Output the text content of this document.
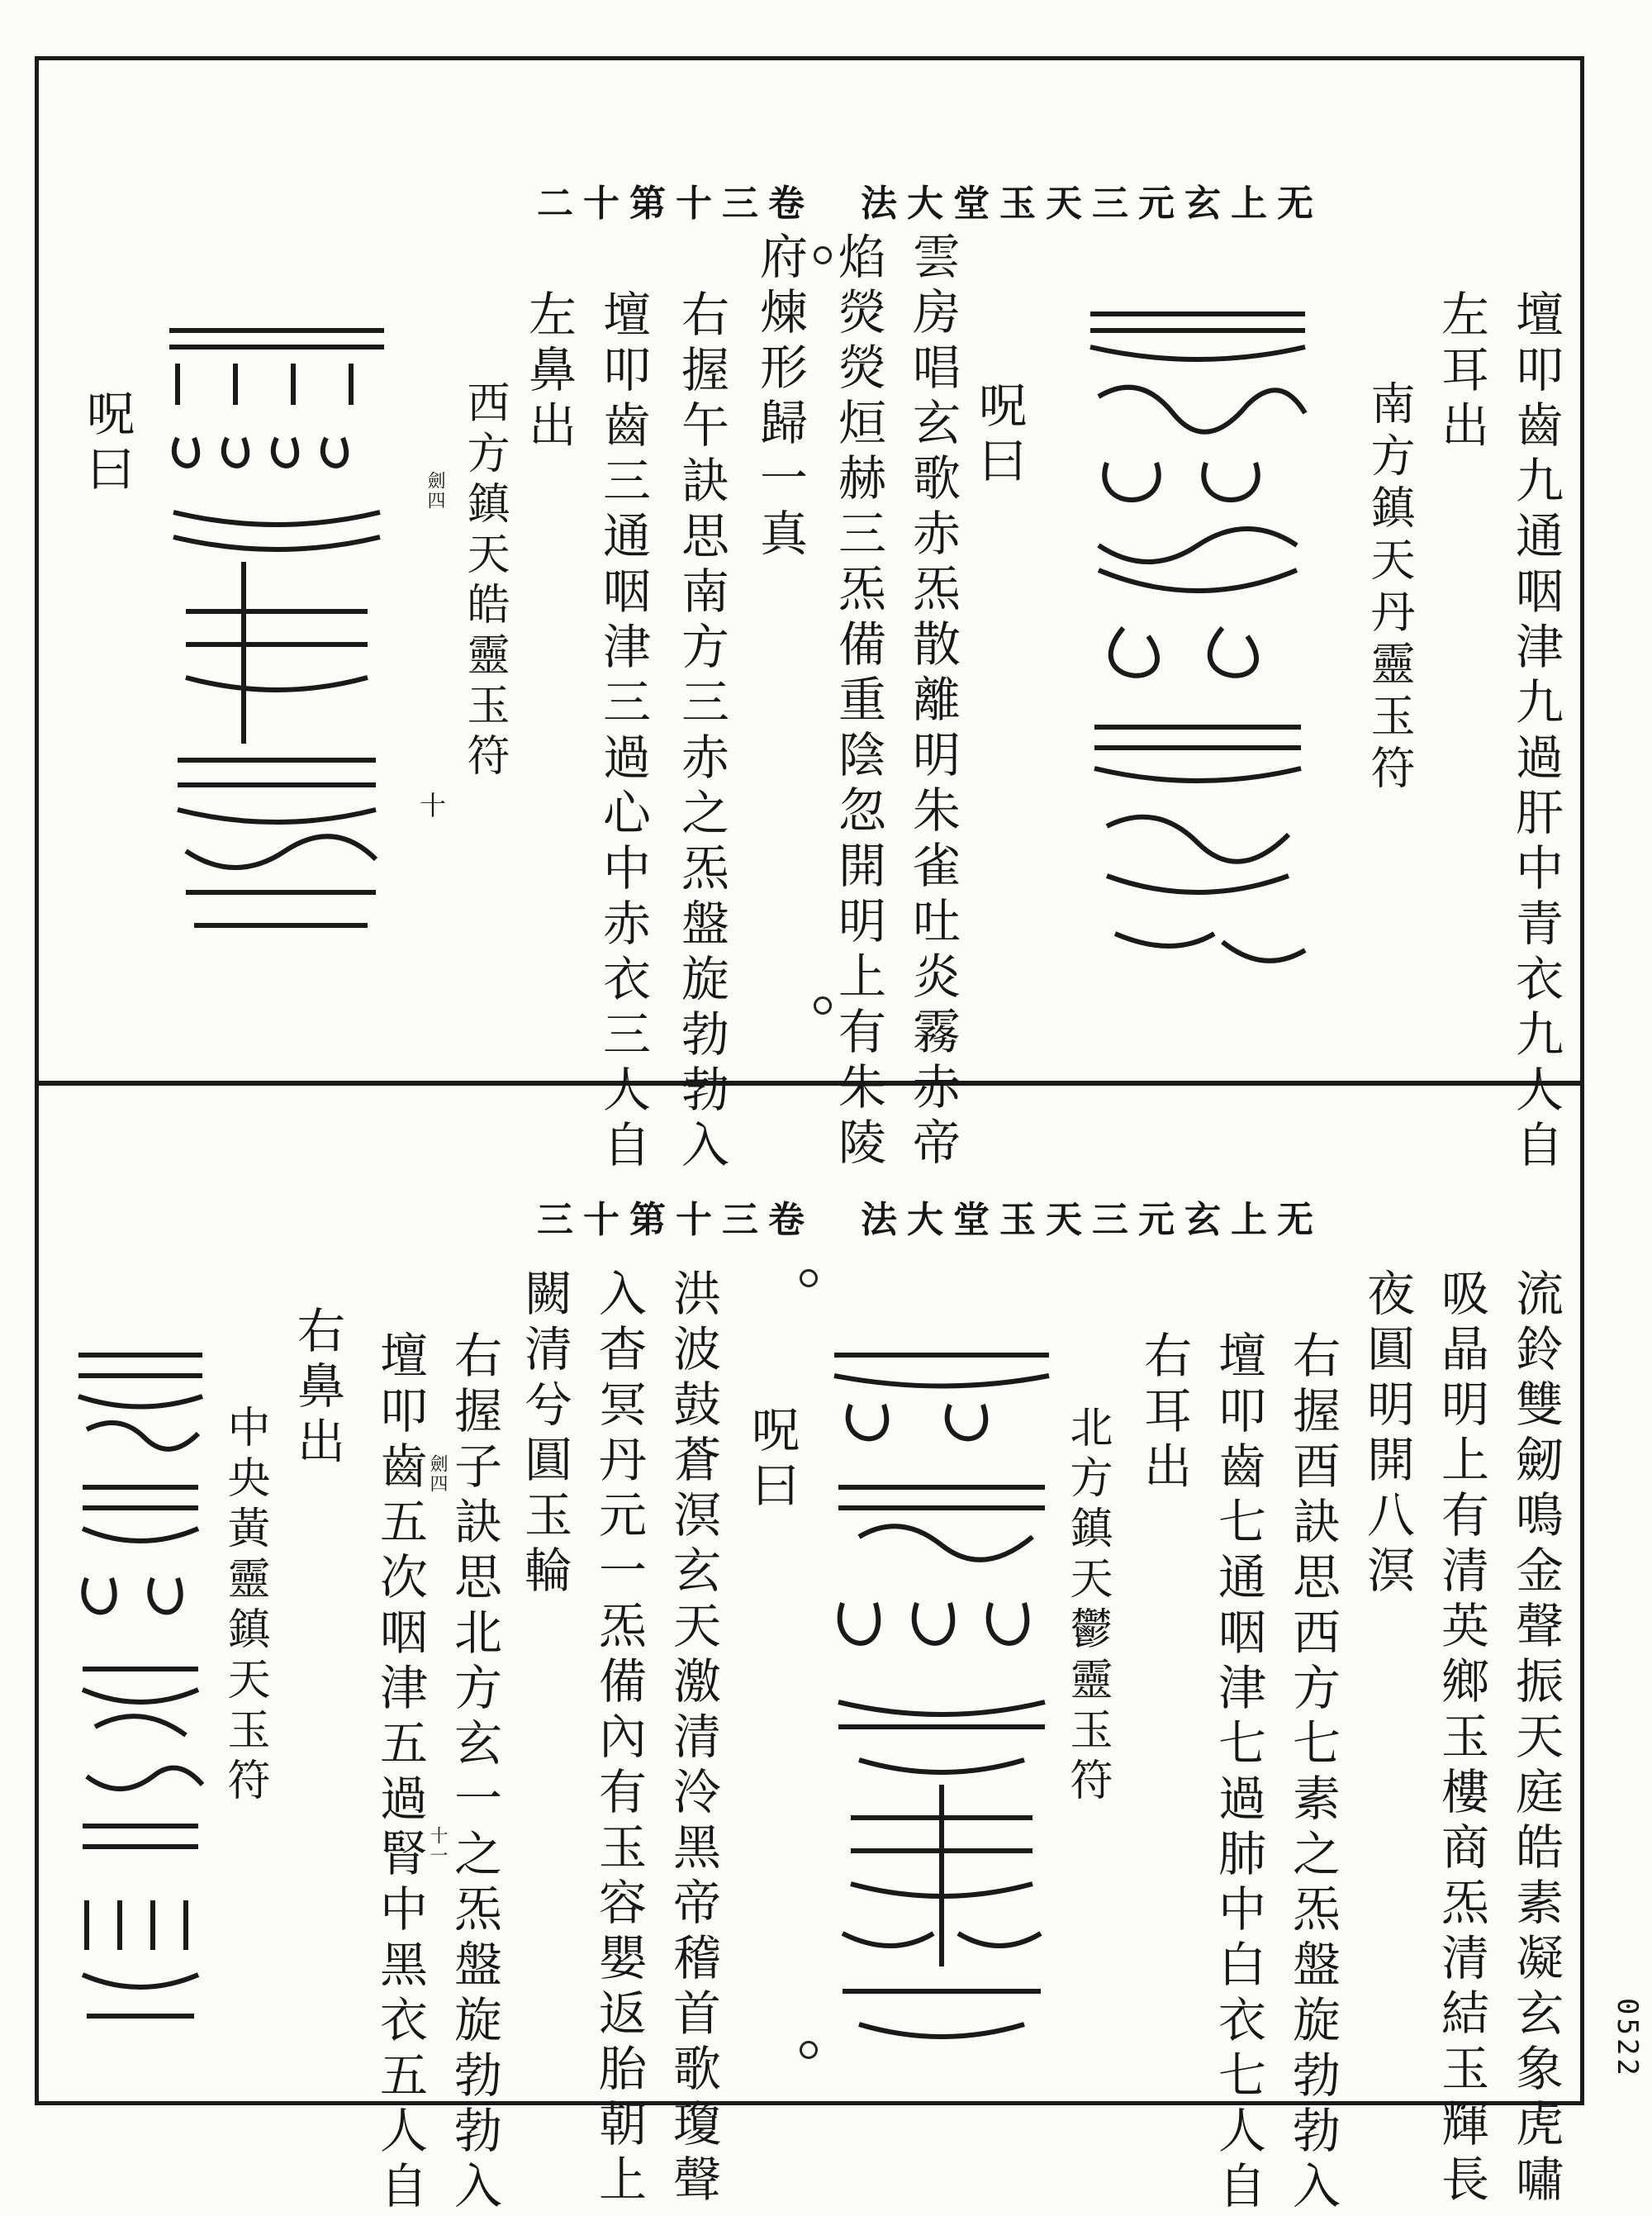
二十第十三卷　法大堂玉天三元玄上无
壇叩齒九通咽津九過肝中青衣九人自
左耳出
南方鎮天丹靈玉符
雲房唱玄歌赤炁散離明朱雀吐炎霧赤帝
焰熒熒烜赫三炁備重陰忽開明上有朱陵
府煉形歸一真	呪曰
右握午訣思南方三赤之炁盤旋勃勃入
壇叩齒三通咽津三過心中赤衣三人自
左鼻出
西方鎮天皓靈玉符
劍四
十
呪曰
三十第十三卷　法大堂玉天三元玄上无
流鈴雙劒鳴金聲振天庭皓素凝玄象虎嘯
吸晶明上有清英鄉玉樓商炁清結玉輝長
夜圓明開八溟
右握酉訣思西方七素之炁盤旋勃勃入
壇叩齒七通咽津七過肺中白衣七人自
右耳出
北方鎮天鬱靈玉符
呪曰
洪波鼓蒼溟玄天激清泠黑帝稽首歌瓊聲
入杳冥丹元一炁備內有玉容嬰返胎朝上
闕清兮圓玉輪
右握子訣思北方玄一之炁盤旋勃勃入
壇叩齒五次咽津五過腎中黑衣五人自
右鼻出
中央黃靈鎮天玉符	劍四
十一
0522
